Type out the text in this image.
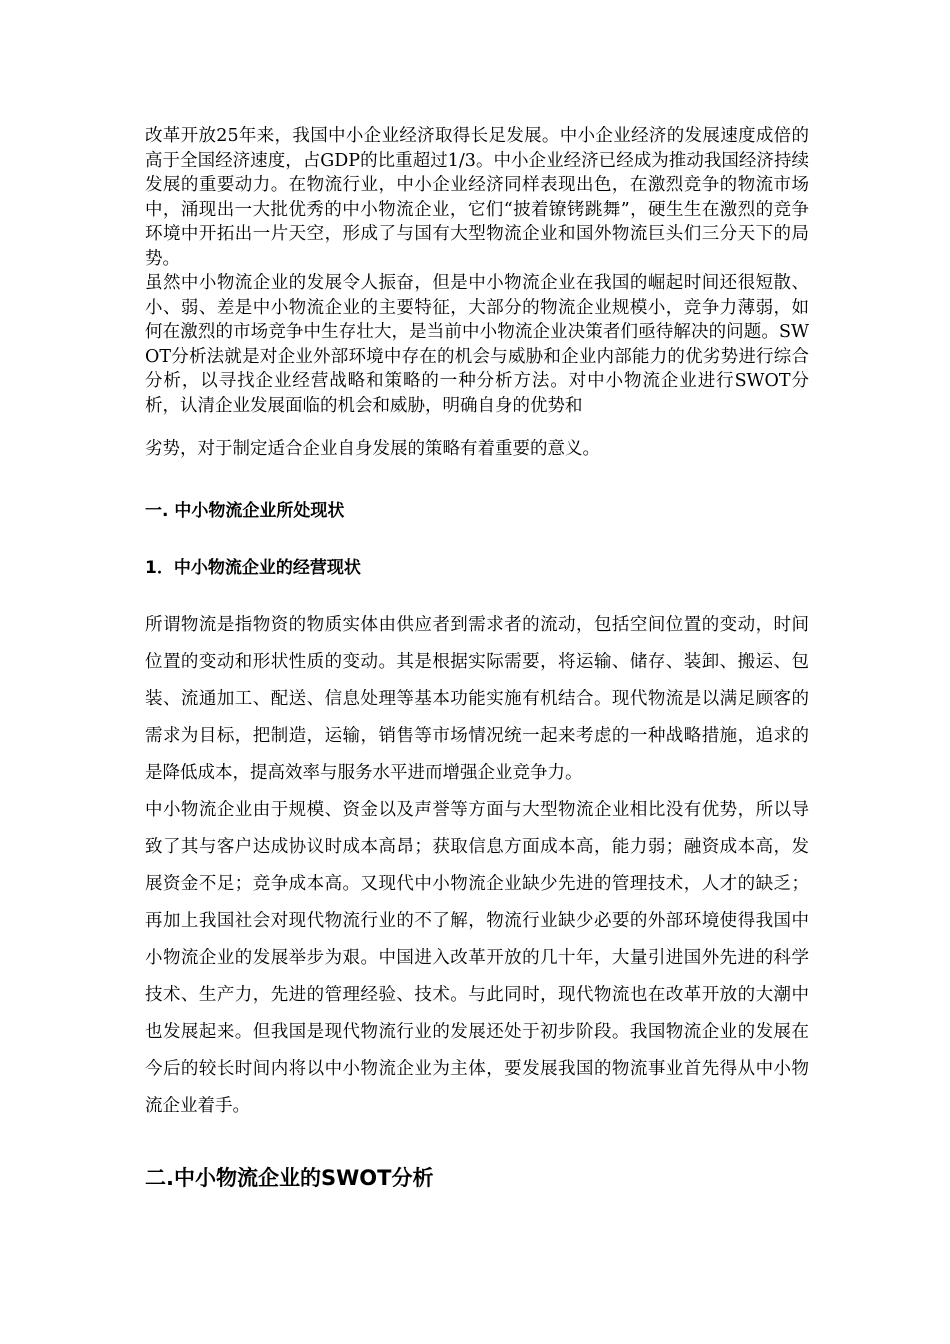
改革开放25年来，我国中小企业经济取得长足发展。中小企业经济的发展速度成倍的高于全国经济速度，占GDP的比重超过1/3。中小企业经济已经成为推动我国经济持续发展的重要动力。在物流行业，中小企业经济同样表现出色，在激烈竞争的物流市场中，涌现出一大批优秀的中小物流企业，它们“披着镣铐跳舞”，硬生生在激烈的竞争环境中开拓出一片天空，形成了与国有大型物流企业和国外物流巨头们三分天下的局势。

虽然中小物流企业的发展令人振奋，但是中小物流企业在我国的崛起时间还很短散、小、弱、差是中小物流企业的主要特征，大部分的物流企业规模小，竞争力薄弱，如何在激烈的市场竞争中生存壮大，是当前中小物流企业决策者们亟待解决的问题。SWOT分析法就是对企业外部环境中存在的机会与威胁和企业内部能力的优劣势进行综合分析，以寻找企业经营战略和策略的一种分析方法。对中小物流企业进行SWOT分析，认清企业发展面临的机会和威胁，明确自身的优势和

劣势，对于制定适合企业自身发展的策略有着重要的意义。

一. 中小物流企业所处现状
1．中小物流企业的经营现状

所谓物流是指物资的物质实体由供应者到需求者的流动，包括空间位置的变动，时间位置的变动和形状性质的变动。其是根据实际需要，将运输、储存、装卸、搬运、包装、流通加工、配送、信息处理等基本功能实施有机结合。现代物流是以满足顾客的需求为目标，把制造，运输，销售等市场情况统一起来考虑的一种战略措施，追求的是降低成本，提高效率与服务水平进而增强企业竞争力。

中小物流企业由于规模、资金以及声誉等方面与大型物流企业相比没有优势，所以导致了其与客户达成协议时成本高昂；获取信息方面成本高，能力弱；融资成本高，发展资金不足；竞争成本高。又现代中小物流企业缺少先进的管理技术，人才的缺乏；再加上我国社会对现代物流行业的不了解，物流行业缺少必要的外部环境使得我国中小物流企业的发展举步为艰。中国进入改革开放的几十年，大量引进国外先进的科学技术、生产力，先进的管理经验、技术。与此同时，现代物流也在改革开放的大潮中也发展起来。但我国是现代物流行业的发展还处于初步阶段。我国物流企业的发展在今后的较长时间内将以中小物流企业为主体，要发展我国的物流事业首先得从中小物流企业着手。

二.中小物流企业的SWOT分析
